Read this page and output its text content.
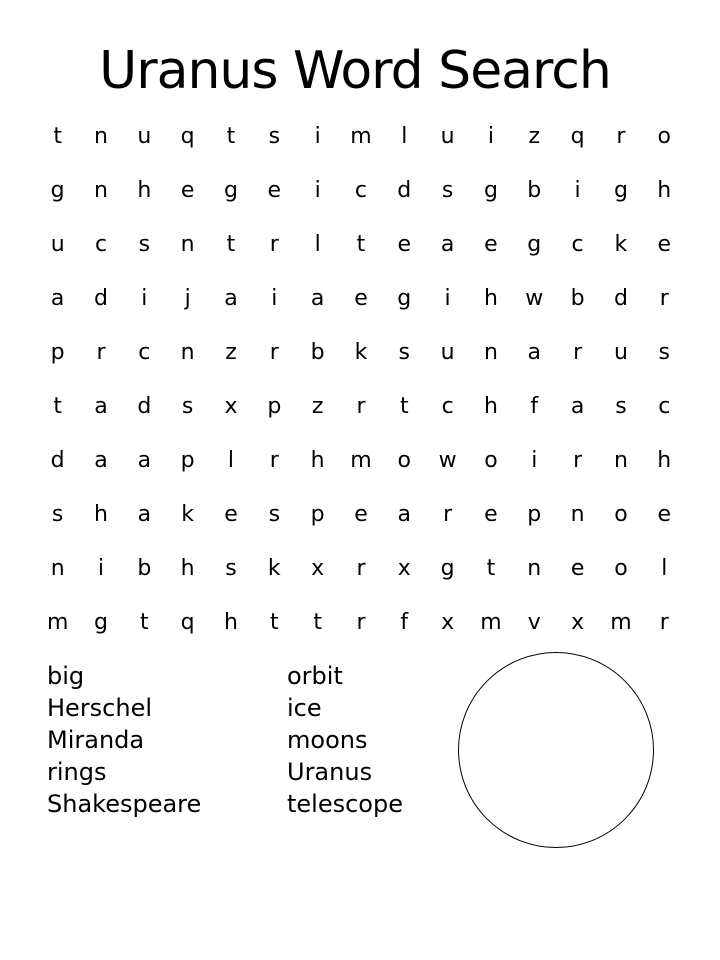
Uranus Word Search
t	n	u	q	t	s	i	m	l	u	i	z	q	r	o
g	n	h	e	g	e	i	c	d	s	g	b	i	g	h
u	c	s	n	t	r	l	t	e	a	e	g	c	k	e
a	d	i	j	a	i	a	e	g	i	h	w	b	d	r
p	r	c	n	z	r	b	k	s	u	n	a	r	u	s
t	a	d	s	x	p	z	r	t	c	h	f	a	s	c
d	a	a	p	l	r	h	m	o	w	o	i	r	n	h
s	h	a	k	e	s	p	e	a	r	e	p	n	o	e
n	i	b	h	s	k	x	r	x	g	t	n	e	o	l
m	g	t	q	h	t	t	r	f	x	m	v	x	m	r
big
Herschel
Miranda
rings
Shakespeare
orbit
ice
moons
Uranus
telescope
